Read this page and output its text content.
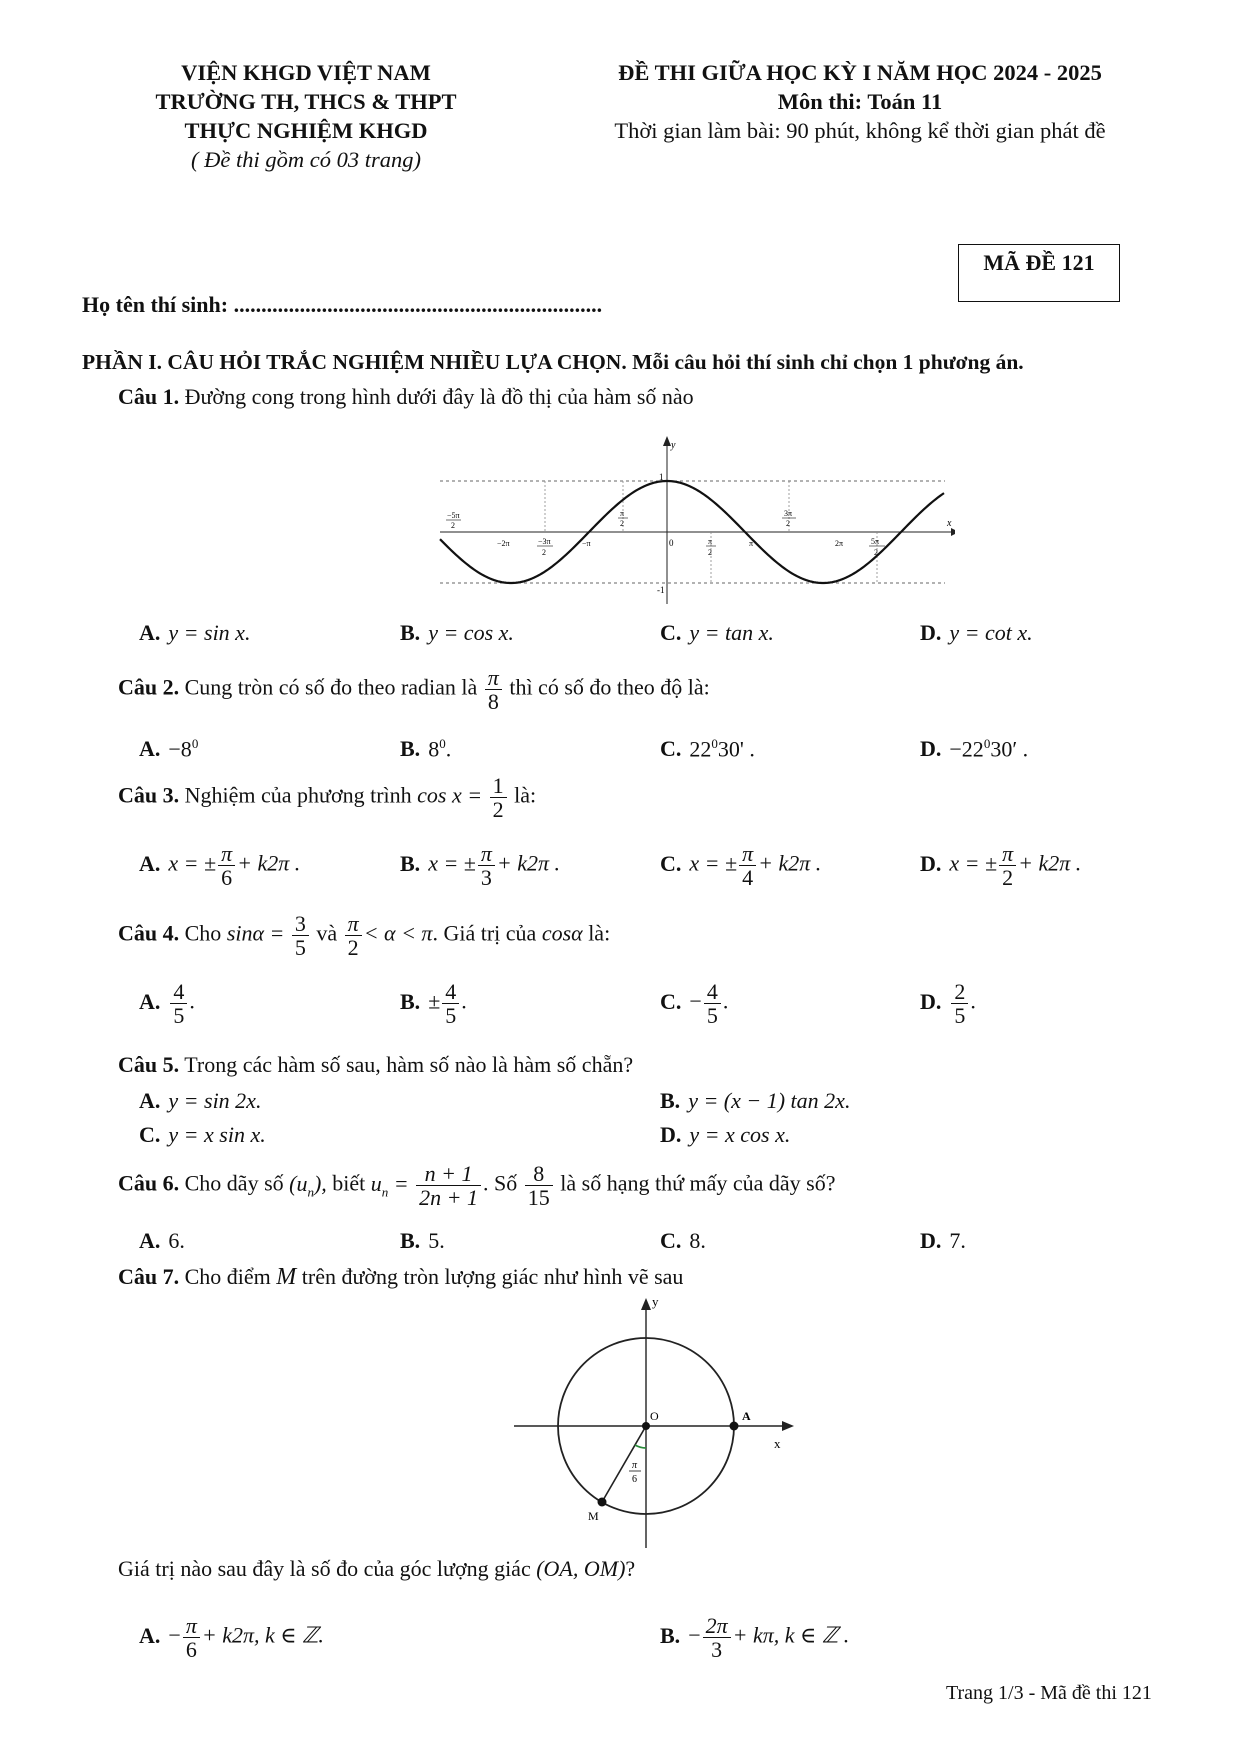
VIỆN KHGD VIỆT NAM
TRƯỜNG TH, THCS & THPT
THỰC NGHIỆM KHGD
( Đề thi gồm có 03 trang)
ĐỀ THI GIỮA HỌC KỲ I NĂM HỌC 2024 - 2025
Môn thi: Toán 11
Thời gian làm bài: 90 phút, không kể thời gian phát đề
MÃ ĐỀ 121
Họ tên thí sinh: ...................................................................
PHẦN I. CÂU HỎI TRẮC NGHIỆM NHIỀU LỰA CHỌN. Mỗi câu hỏi thí sinh chỉ chọn 1 phương án.
Câu 1. Đường cong trong hình dưới đây là đồ thị của hàm số nào
y
x
1
-1
0
−5π
2
−2π	−3π
2
−π
π
2
π
2
π
3π
2
2π	5π
2
A. y = sin x.	B. y = cos x.	C. y = tan x.	D. y = cot x.
Câu 2. Cung tròn có số đo theo radian là $\frac{\pi}{8}$ thì có số đo theo độ là:
A. $-8^0$	B. $8^0$.	C. $22^030'$ .	D. $-22^030'$ .
Câu 3. Nghiệm của phương trình $\cos x = \frac{1}{2}$ là:
A. x = ± $\frac{\pi}{6} + k2\pi$ .	B. x = ± $\frac{\pi}{3} + k2\pi$ .	C. x = ± $\frac{\pi}{4} + k2\pi$ .	D. x = ± $\frac{\pi}{2} + k2\pi$ .
Câu 4. Cho $\sin\alpha = \frac{3}{5}$ và $\frac{\pi}{2} < \alpha < \pi$. Giá trị của cosα là:
A. $\frac{4}{5}$ .	B. ± $\frac{4}{5}$ .	C. − $\frac{4}{5}$ .	D. $\frac{2}{5}$ .
Câu 5. Trong các hàm số sau, hàm số nào là hàm số chẵn?
A. y = sin 2x.	B. y = (x − 1) tan 2x.
C. y = x sin x.	D. y = x cos x.
Câu 6. Cho dãy số $(u_n)$, biết $u_n = \frac{n + 1}{2n + 1}$ . Số $\frac{8}{15}$ là số hạng thứ mấy của dãy số?
A. 6.	B. 5.	C. 8.	D. 7.
Câu 7. Cho điểm M trên đường tròn lượng giác như hình vẽ sau
y
x
O	A
M
π
6
Giá trị nào sau đây là số đo của góc lượng giác (OA, OM)?
A. − $\frac{\pi}{6} + k2\pi$, k ∈ ℤ.	B. − $\frac{2\pi}{3} + k\pi$, k ∈ ℤ .
Trang 1/3 - Mã đề thi 121
